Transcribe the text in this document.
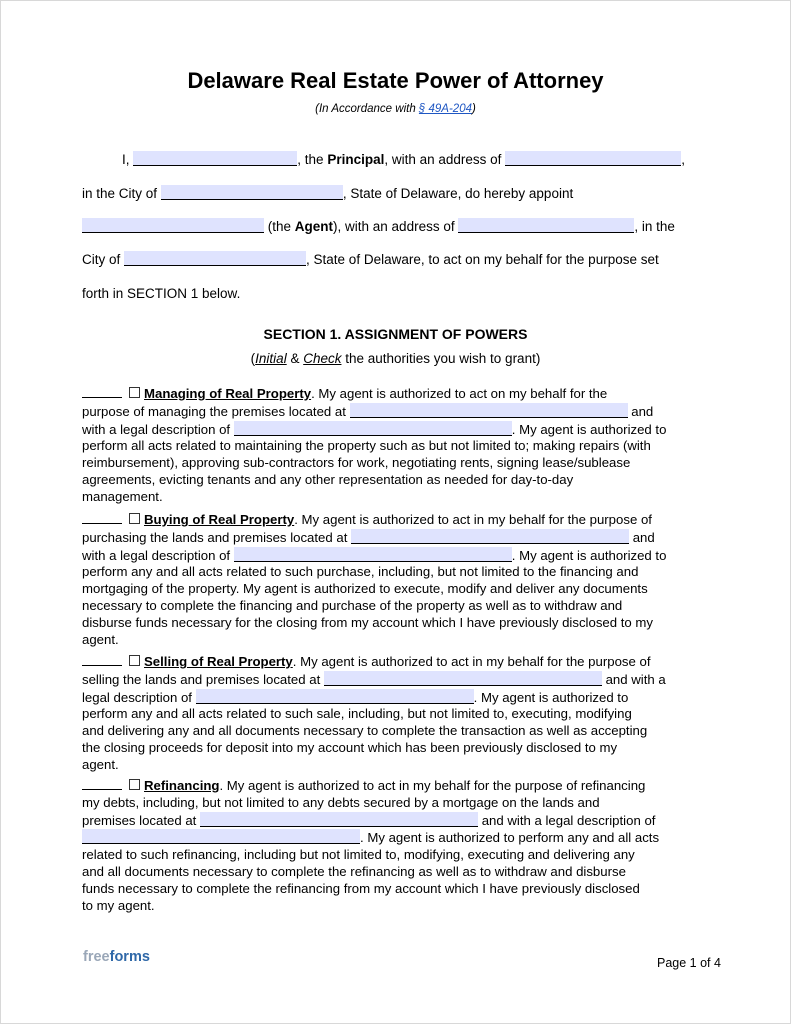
Delaware Real Estate Power of Attorney
(In Accordance with § 49A-204)
I,	, the Principal, with an address of	,
in the City of	, State of Delaware, do hereby appoint
(the Agent), with an address of	, in the
City of	, State of Delaware, to act on my behalf for the purpose set
forth in SECTION 1 below.
SECTION 1. ASSIGNMENT OF POWERS
(Initial & Check the authorities you wish to grant)
Managing of Real Property. My agent is authorized to act on my behalf for the
purpose of managing the premises located at	and
with a legal description of	. My agent is authorized to
perform all acts related to maintaining the property such as but not limited to; making repairs (with
reimbursement), approving sub-contractors for work, negotiating rents, signing lease/sublease
agreements, evicting tenants and any other representation as needed for day-to-day
management.
Buying of Real Property. My agent is authorized to act in my behalf for the purpose of
purchasing the lands and premises located at	and
with a legal description of	. My agent is authorized to
perform any and all acts related to such purchase, including, but not limited to the financing and
mortgaging of the property. My agent is authorized to execute, modify and deliver any documents
necessary to complete the financing and purchase of the property as well as to withdraw and
disburse funds necessary for the closing from my account which I have previously disclosed to my
agent.
Selling of Real Property. My agent is authorized to act in my behalf for the purpose of
selling the lands and premises located at	and with a
legal description of	. My agent is authorized to
perform any and all acts related to such sale, including, but not limited to, executing, modifying
and delivering any and all documents necessary to complete the transaction as well as accepting
the closing proceeds for deposit into my account which has been previously disclosed to my
agent.
Refinancing. My agent is authorized to act in my behalf for the purpose of refinancing
my debts, including, but not limited to any debts secured by a mortgage on the lands and
premises located at	and with a legal description of
. My agent is authorized to perform any and all acts
related to such refinancing, including but not limited to, modifying, executing and delivering any
and all documents necessary to complete the refinancing as well as to withdraw and disburse
funds necessary to complete the refinancing from my account which I have previously disclosed
to my agent.
freeforms	Page 1 of 4
